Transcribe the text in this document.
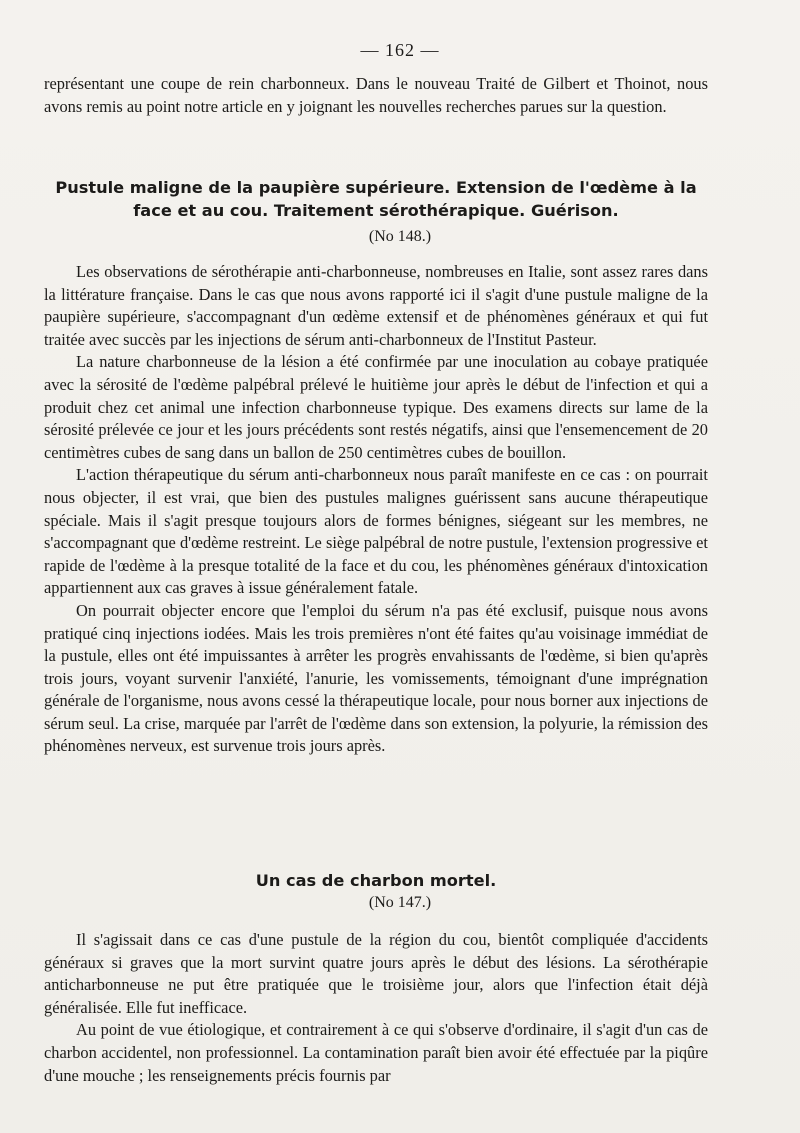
— 162 —

représentant une coupe de rein charbonneux. Dans le nouveau Traité de Gilbert et Thoinot, nous avons remis au point notre article en y joignant les nouvelles recherches parues sur la question.

Pustule maligne de la paupière supérieure. Extension de l'œdème à la face et au cou. Traitement sérothérapique. Guérison.
(No 148.)

Les observations de sérothérapie anti-charbonneuse, nombreuses en Italie, sont assez rares dans la littérature française. Dans le cas que nous avons rapporté ici il s'agit d'une pustule maligne de la paupière supérieure, s'accompagnant d'un œdème extensif et de phénomènes généraux et qui fut traitée avec succès par les injections de sérum anti-charbonneux de l'Institut Pasteur.

La nature charbonneuse de la lésion a été confirmée par une inoculation au cobaye pratiquée avec la sérosité de l'œdème palpébral prélevé le huitième jour après le début de l'infection et qui a produit chez cet animal une infection charbonneuse typique. Des examens directs sur lame de la sérosité prélevée ce jour et les jours précédents sont restés négatifs, ainsi que l'ensemencement de 20 centimètres cubes de sang dans un ballon de 250 centimètres cubes de bouillon.

L'action thérapeutique du sérum anti-charbonneux nous paraît manifeste en ce cas : on pourrait nous objecter, il est vrai, que bien des pustules malignes guérissent sans aucune thérapeutique spéciale. Mais il s'agit presque toujours alors de formes bénignes, siégeant sur les membres, ne s'accompagnant que d'œdème restreint. Le siège palpébral de notre pustule, l'extension progressive et rapide de l'œdème à la presque totalité de la face et du cou, les phénomènes généraux d'intoxication appartiennent aux cas graves à issue généralement fatale.

On pourrait objecter encore que l'emploi du sérum n'a pas été exclusif, puisque nous avons pratiqué cinq injections iodées. Mais les trois premières n'ont été faites qu'au voisinage immédiat de la pustule, elles ont été impuissantes à arrêter les progrès envahissants de l'œdème, si bien qu'après trois jours, voyant survenir l'anxiété, l'anurie, les vomissements, témoignant d'une imprégnation générale de l'organisme, nous avons cessé la thérapeutique locale, pour nous borner aux injections de sérum seul. La crise, marquée par l'arrêt de l'œdème dans son extension, la polyurie, la rémission des phénomènes nerveux, est survenue trois jours après.

Un cas de charbon mortel.
(No 147.)

Il s'agissait dans ce cas d'une pustule de la région du cou, bientôt compliquée d'accidents généraux si graves que la mort survint quatre jours après le début des lésions. La sérothérapie anticharbonneuse ne put être pratiquée que le troisième jour, alors que l'infection était déjà généralisée. Elle fut inefficace.

Au point de vue étiologique, et contrairement à ce qui s'observe d'ordinaire, il s'agit d'un cas de charbon accidentel, non professionnel. La contamination paraît bien avoir été effectuée par la piqûre d'une mouche ; les renseignements précis fournis par
